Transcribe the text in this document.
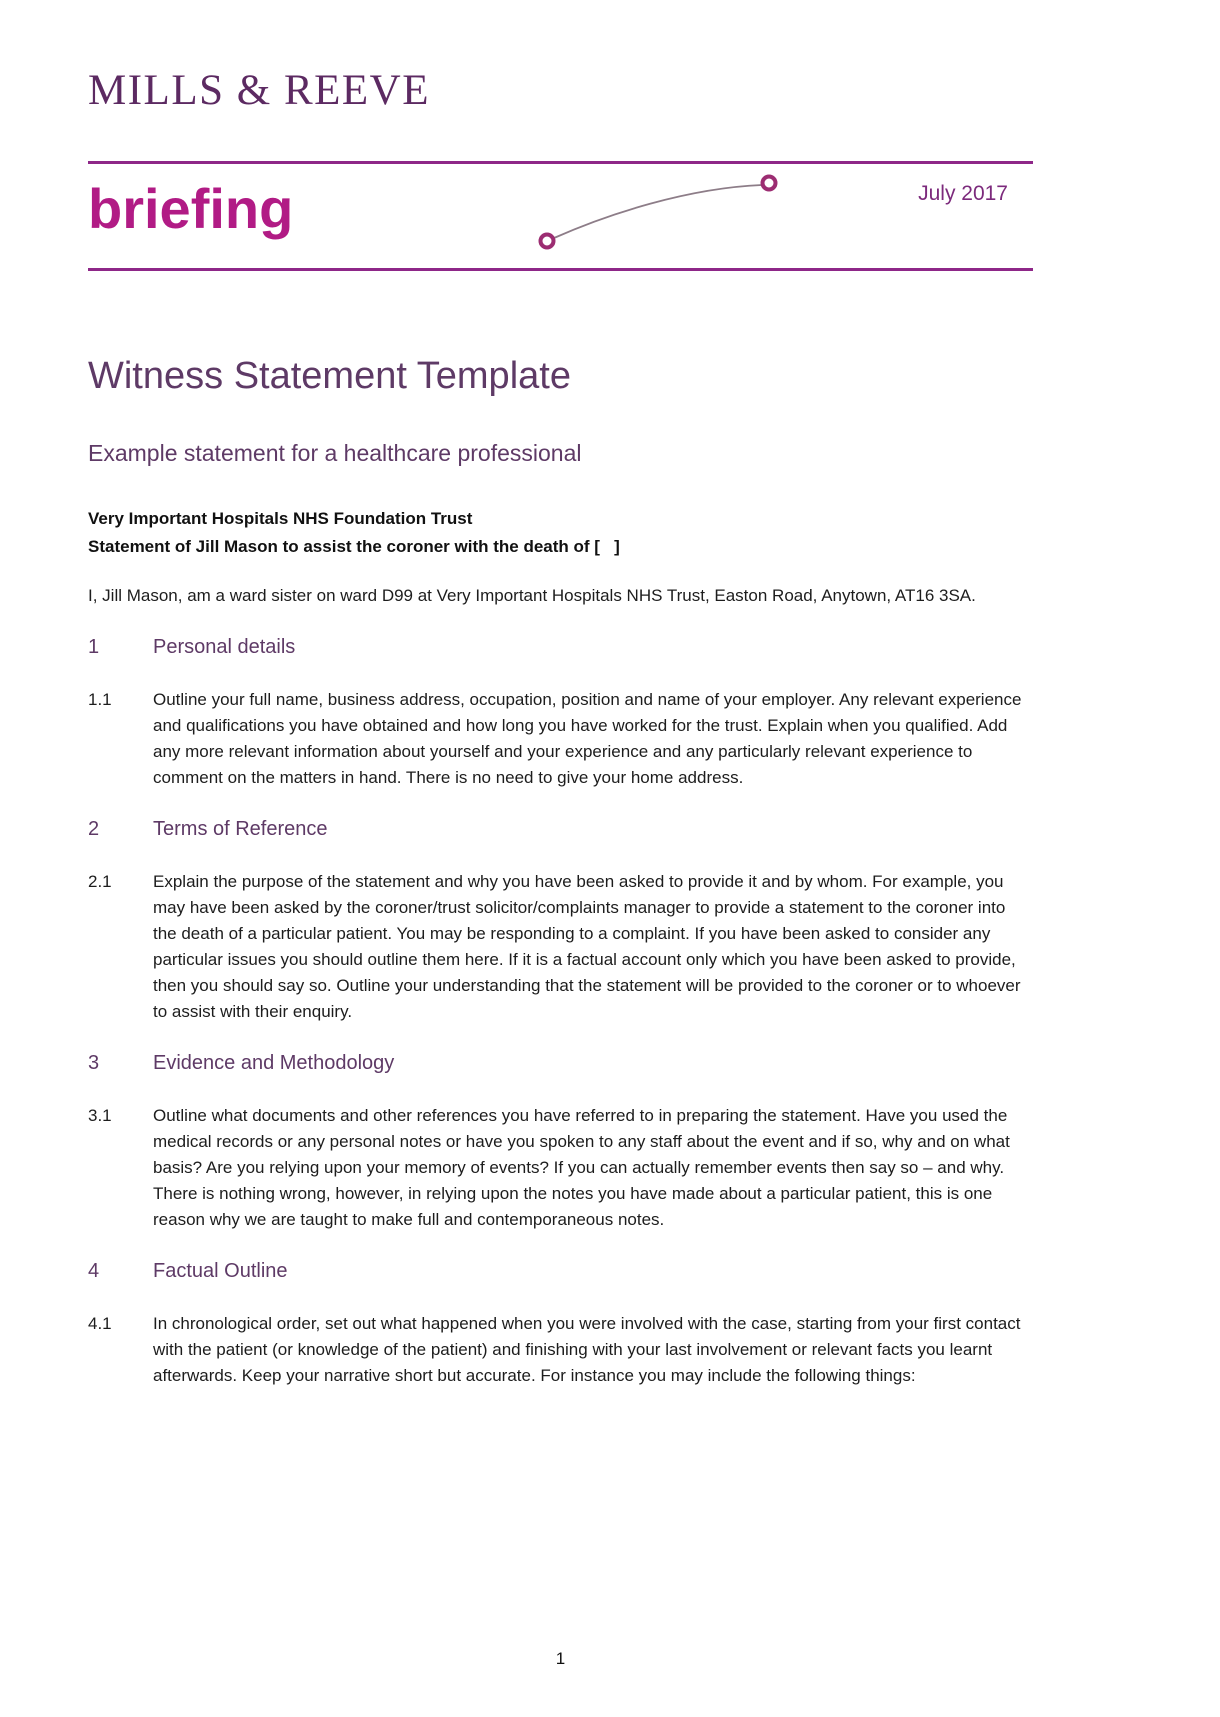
MILLS & REEVE
briefing	July 2017
Witness Statement Template
Example statement for a healthcare professional
Very Important Hospitals NHS Foundation Trust
Statement of Jill Mason to assist the coroner with the death of [   ]

I, Jill Mason, am a ward sister on ward D99 at Very Important Hospitals NHS Trust, Easton Road, Anytown, AT16 3SA.

1	Personal details
1.1	Outline your full name, business address, occupation, position and name of your employer. Any relevant experience and qualifications you have obtained and how long you have worked for the trust. Explain when you qualified. Add any more relevant information about yourself and your experience and any particularly relevant experience to comment on the matters in hand. There is no need to give your home address.
2	Terms of Reference
2.1	Explain the purpose of the statement and why you have been asked to provide it and by whom. For example, you may have been asked by the coroner/trust solicitor/complaints manager to provide a statement to the coroner into the death of a particular patient. You may be responding to a complaint. If you have been asked to consider any particular issues you should outline them here. If it is a factual account only which you have been asked to provide, then you should say so. Outline your understanding that the statement will be provided to the coroner or to whoever to assist with their enquiry.
3	Evidence and Methodology
3.1	Outline what documents and other references you have referred to in preparing the statement. Have you used the medical records or any personal notes or have you spoken to any staff about the event and if so, why and on what basis? Are you relying upon your memory of events? If you can actually remember events then say so – and why. There is nothing wrong, however, in relying upon the notes you have made about a particular patient, this is one reason why we are taught to make full and contemporaneous notes.
4	Factual Outline
4.1	In chronological order, set out what happened when you were involved with the case, starting from your first contact with the patient (or knowledge of the patient) and finishing with your last involvement or relevant facts you learnt afterwards. Keep your narrative short but accurate. For instance you may include the following things:
1
